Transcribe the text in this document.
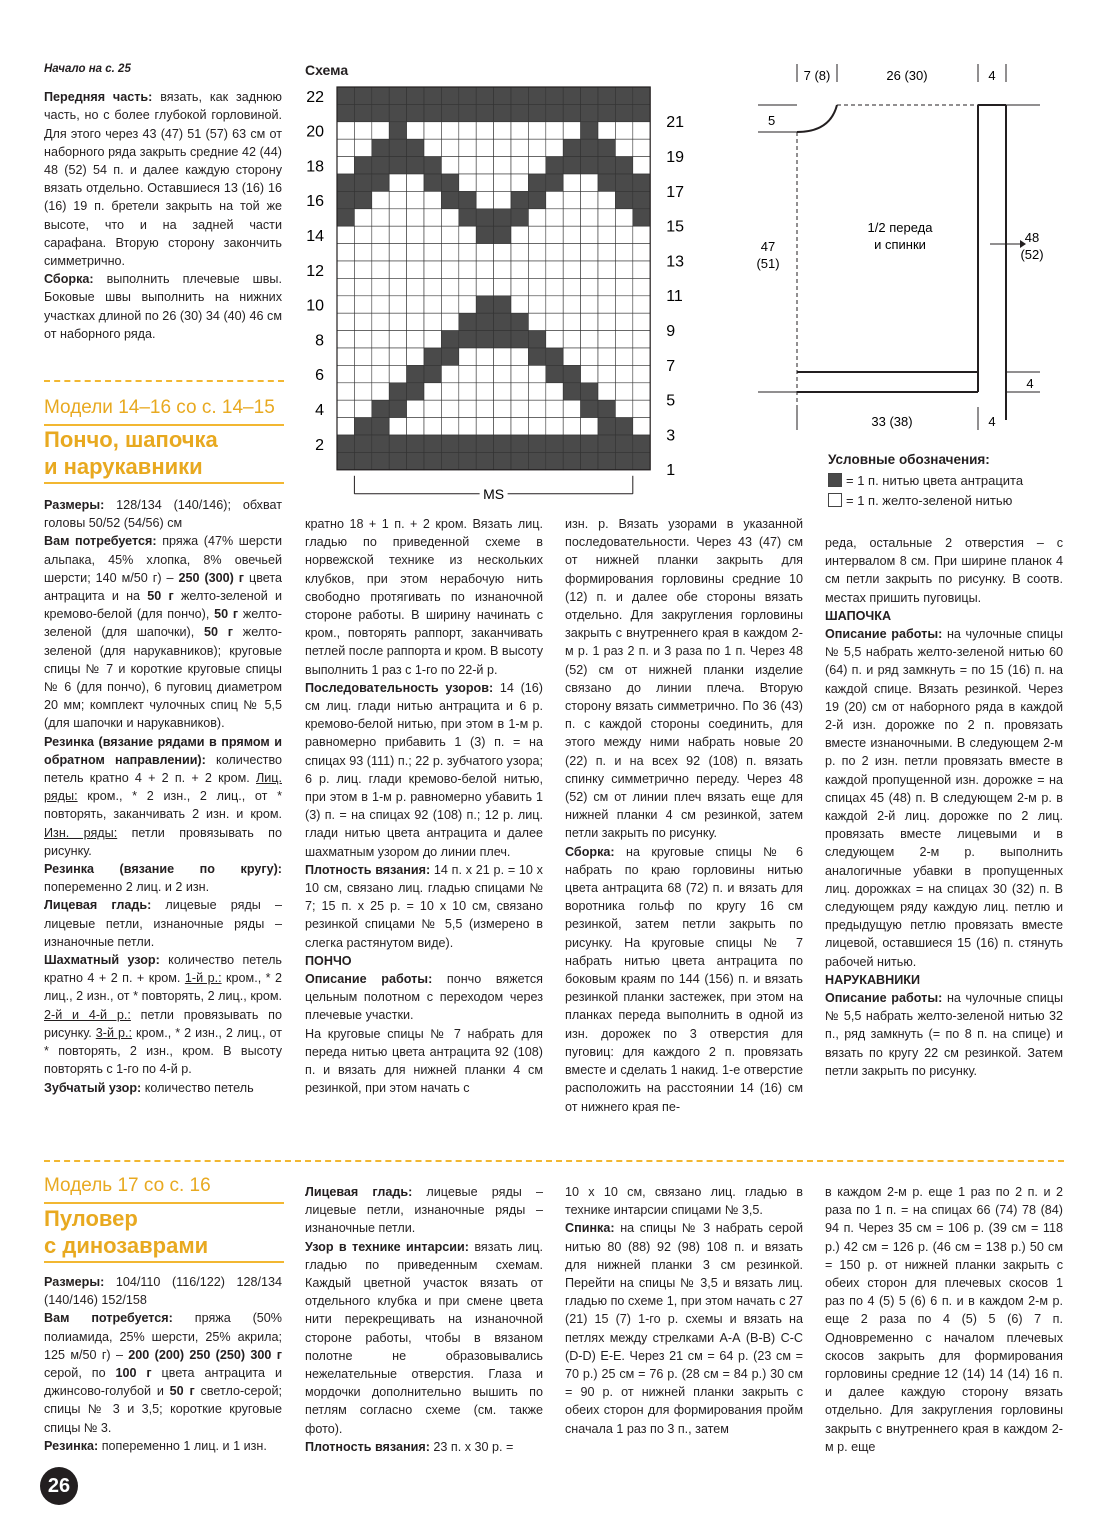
Начало на с. 25

Передняя часть: вязать, как заднюю часть, но с более глубокой горловиной. Для этого через 43 (47) 51 (57) 63 см от наборного ряда закрыть средние 42 (44) 48 (52) 54 п. и далее каждую сторону вязать отдельно. Оставшиеся 13 (16) 16 (16) 19 п. бретели закрыть на той же высоте, что и на задней части сарафана. Вторую сторону закончить симметрично.

Сборка: выполнить плечевые швы. Боковые швы выполнить на нижних участках длиной по 26 (30) 34 (40) 46 см от наборного ряда.

Модели 14–16 со с. 14–15
Пончо, шапочка
и нарукавники
Схема
22
20
18
16
14
12
10
8
6
4
2
21
19
17
15
13
11
9
7
5
3
1
MS
7 (8)	26 (30)	4
5
1/2 переда
и спинки
47
(51)
48
(52)
4
33 (38)	4
Условные обозначения:
= 1 п. нитью цвета антрацита
= 1 п. желто-зеленой нитью

Размеры: 128/134 (140/146); обхват головы 50/52 (54/56) см

Вам потребуется: пряжа (47% шерсти альпака, 45% хлопка, 8% овечьей шерсти; 140 м/50 г) – 250 (300) г цвета антрацита и на 50 г желто-зеленой и кремово-белой (для пончо), 50 г желто-зеленой (для шапочки), 50 г желто-зеленой (для нарукавников); круговые спицы № 7 и короткие круговые спицы № 6 (для пончо), 6 пуговиц диаметром 20 мм; комплект чулочных спиц № 5,5 (для шапочки и нарукавников).

Резинка (вязание рядами в прямом и обратном направлении): количество петель кратно 4 + 2 п. + 2 кром. Лиц. ряды: кром., * 2 изн., 2 лиц., от * повторять, заканчивать 2 изн. и кром. Изн. ряды: петли провязывать по рисунку.

Резинка (вязание по кругу): попеременно 2 лиц. и 2 изн.

Лицевая гладь: лицевые ряды – лицевые петли, изнаночные ряды – изнаночные петли.

Шахматный узор: количество петель кратно 4 + 2 п. + кром. 1-й р.: кром., * 2 лиц., 2 изн., от * повторять, 2 лиц., кром. 2-й и 4-й р.: петли провязывать по рисунку. 3-й р.: кром., * 2 изн., 2 лиц., от * повторять, 2 изн., кром. В высоту повторять с 1-го по 4-й р.

Зубчатый узор: количество петель

кратно 18 + 1 п. + 2 кром. Вязать лиц. гладью по приведенной схеме в норвежской технике из нескольких клубков, при этом нерабочую нить свободно протягивать по изнаночной стороне работы. В ширину начинать с кром., повторять раппорт, заканчивать петлей после раппорта и кром. В высоту выполнить 1 раз с 1-го по 22-й р.

Последовательность узоров: 14 (16) см лиц. глади нитью антрацита и 6 р. кремово-белой нитью, при этом в 1-м р. равномерно прибавить 1 (3) п. = на спицах 93 (111) п.; 22 р. зубчатого узора; 6 р. лиц. глади кремово-белой нитью, при этом в 1-м р. равномерно убавить 1 (3) п. = на спицах 92 (108) п.; 12 р. лиц. глади нитью цвета антрацита и далее шахматным узором до линии плеч.

Плотность вязания: 14 п. х 21 р. = 10 х 10 см, связано лиц. гладью спицами № 7; 15 п. х 25 р. = 10 х 10 см, связано резинкой спицами № 5,5 (измерено в слегка растянутом виде).

ПОНЧО

Описание работы: пончо вяжется цельным полотном с переходом через плечевые участки.

На круговые спицы № 7 набрать для переда нитью цвета антрацита 92 (108) п. и вязать для нижней планки 4 см резинкой, при этом начать с

изн. р. Вязать узорами в указанной последовательности. Через 43 (47) см от нижней планки закрыть для формирования горловины средние 10 (12) п. и далее обе стороны вязать отдельно. Для закругления горловины закрыть с внутреннего края в каждом 2-м р. 1 раз 2 п. и 3 раза по 1 п. Через 48 (52) см от нижней планки изделие связано до линии плеча. Вторую сторону вязать симметрично. По 36 (43) п. с каждой стороны соединить, для этого между ними набрать новые 20 (22) п. и на всех 92 (108) п. вязать спинку симметрично переду. Через 48 (52) см от линии плеч вязать еще для нижней планки 4 см резинкой, затем петли закрыть по рисунку.

Сборка: на круговые спицы № 6 набрать по краю горловины нитью цвета антрацита 68 (72) п. и вязать для воротника гольф по кругу 16 см резинкой, затем петли закрыть по рисунку. На круговые спицы № 7 набрать нитью цвета антрацита по боковым краям по 144 (156) п. и вязать резинкой планки застежек, при этом на планках переда выполнить в одной из изн. дорожек по 3 отверстия для пуговиц: для каждого 2 п. провязать вместе и сделать 1 накид. 1-е отверстие расположить на расстоянии 14 (16) см от нижнего края пе-

реда, остальные 2 отверстия – с интервалом 8 см. При ширине планок 4 см петли закрыть по рисунку. В соотв. местах пришить пуговицы.

ШАПОЧКА

Описание работы: на чулочные спицы № 5,5 набрать желто-зеленой нитью 60 (64) п. и ряд замкнуть = по 15 (16) п. на каждой спице. Вязать резинкой. Через 19 (20) см от наборного ряда в каждой 2-й изн. дорожке по 2 п. провязать вместе изнаночными. В следующем 2-м р. по 2 изн. петли провязать вместе в каждой пропущенной изн. дорожке = на спицах 45 (48) п. В следующем 2-м р. в каждой 2-й лиц. дорожке по 2 лиц. провязать вместе лицевыми и в следующем 2-м р. выполнить аналогичные убавки в пропущенных лиц. дорожках = на спицах 30 (32) п. В следующем ряду каждую лиц. петлю и предыдущую петлю провязать вместе лицевой, оставшиеся 15 (16) п. стянуть рабочей нитью.

НАРУКАВНИКИ

Описание работы: на чулочные спицы № 5,5 набрать желто-зеленой нитью 32 п., ряд замкнуть (= по 8 п. на спице) и вязать по кругу 22 см резинкой. Затем петли закрыть по рисунку.

Модель 17 со с. 16
Пуловер
с динозаврами

Размеры: 104/110 (116/122) 128/134 (140/146) 152/158

Вам потребуется: пряжа (50% полиамида, 25% шерсти, 25% акрила; 125 м/50 г) – 200 (200) 250 (250) 300 г серой, по 100 г цвета антрацита и джинсово-голубой и 50 г светло-серой; спицы № 3 и 3,5; короткие круговые спицы № 3.

Резинка: попеременно 1 лиц. и 1 изн.

Лицевая гладь: лицевые ряды – лицевые петли, изнаночные ряды – изнаночные петли.

Узор в технике интарсии: вязать лиц. гладью по приведенным схемам. Каждый цветной участок вязать от отдельного клубка и при смене цвета нити перекрещивать на изнаночной стороне работы, чтобы в вязаном полотне не образовывались нежелательные отверстия. Глаза и мордочки дополнительно вышить по петлям согласно схеме (см. также фото).

Плотность вязания: 23 п. х 30 р. =

10 х 10 см, связано лиц. гладью в технике интарсии спицами № 3,5.

Спинка: на спицы № 3 набрать серой нитью 80 (88) 92 (98) 108 п. и вязать для нижней планки 3 см резинкой. Перейти на спицы № 3,5 и вязать лиц. гладью по схеме 1, при этом начать с 27 (21) 15 (7) 1-го р. схемы и вязать на петлях между стрелками А-А (В-В) С-С (D-D) Е-Е. Через 21 см = 64 р. (23 см = 70 р.) 25 см = 76 р. (28 см = 84 р.) 30 см = 90 р. от нижней планки закрыть с обеих сторон для формирования пройм сначала 1 раз по 3 п., затем

в каждом 2-м р. еще 1 раз по 2 п. и 2 раза по 1 п. = на спицах 66 (74) 78 (84) 94 п. Через 35 см = 106 р. (39 см = 118 р.) 42 см = 126 р. (46 см = 138 р.) 50 см = 150 р. от нижней планки закрыть с обеих сторон для плечевых скосов 1 раз по 4 (5) 5 (6) 6 п. и в каждом 2-м р. еще 2 раза по 4 (5) 5 (6) 7 п. Одновременно с началом плечевых скосов закрыть для формирования горловины средние 12 (14) 14 (14) 16 п. и далее каждую сторону вязать отдельно. Для закругления горловины закрыть с внутреннего края в каждом 2-м р. еще

26
